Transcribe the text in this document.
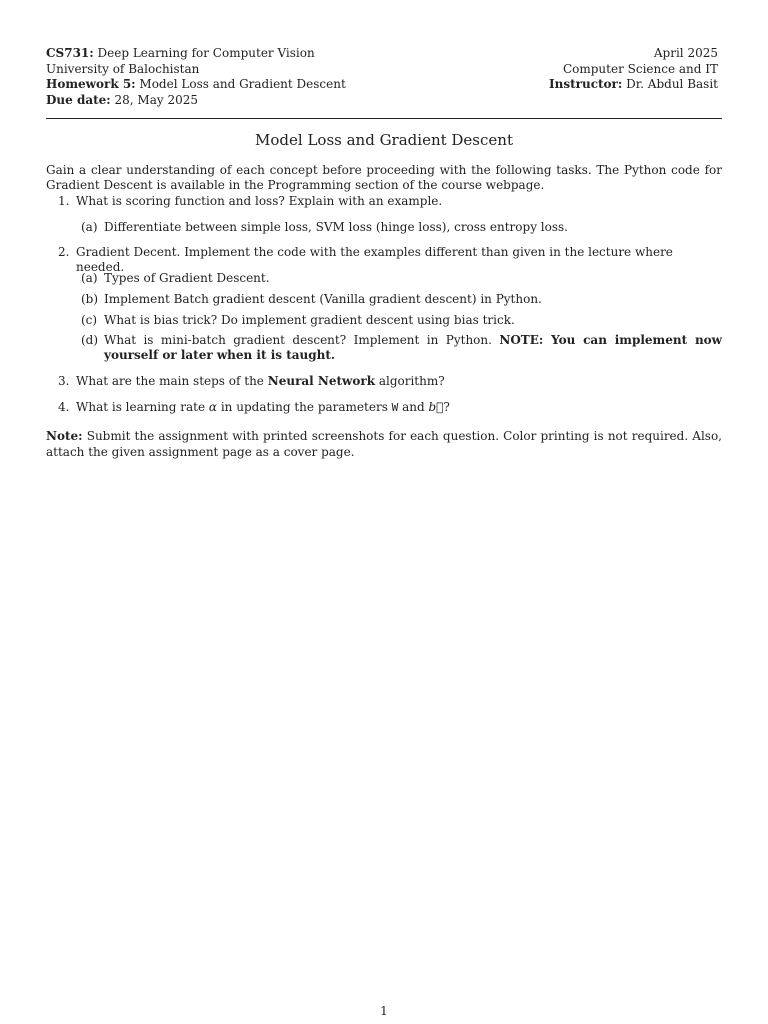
CS731: Deep Learning for Computer Vision
University of Balochistan
Homework 5: Model Loss and Gradient Descent
Due date: 28, May 2025
April 2025
Computer Science and IT
Instructor: Dr. Abdul Basit
Model Loss and Gradient Descent
Gain a clear understanding of each concept before proceeding with the following tasks. The Python code for Gradient Descent is available in the Programming section of the course webpage.
1. What is scoring function and loss? Explain with an example.
(a) Differentiate between simple loss, SVM loss (hinge loss), cross entropy loss.
2. Gradient Decent. Implement the code with the examples different than given in the lecture where needed.
(a) Types of Gradient Descent.
(b) Implement Batch gradient descent (Vanilla gradient descent) in Python.
(c) What is bias trick? Do implement gradient descent using bias trick.
(d) What is mini-batch gradient descent? Implement in Python. NOTE: You can implement now yourself or later when it is taught.
3. What are the main steps of the Neural Network algorithm?
4. What is learning rate α in updating the parameters W and b⃗?
Note: Submit the assignment with printed screenshots for each question. Color printing is not required. Also, attach the given assignment page as a cover page.
1
